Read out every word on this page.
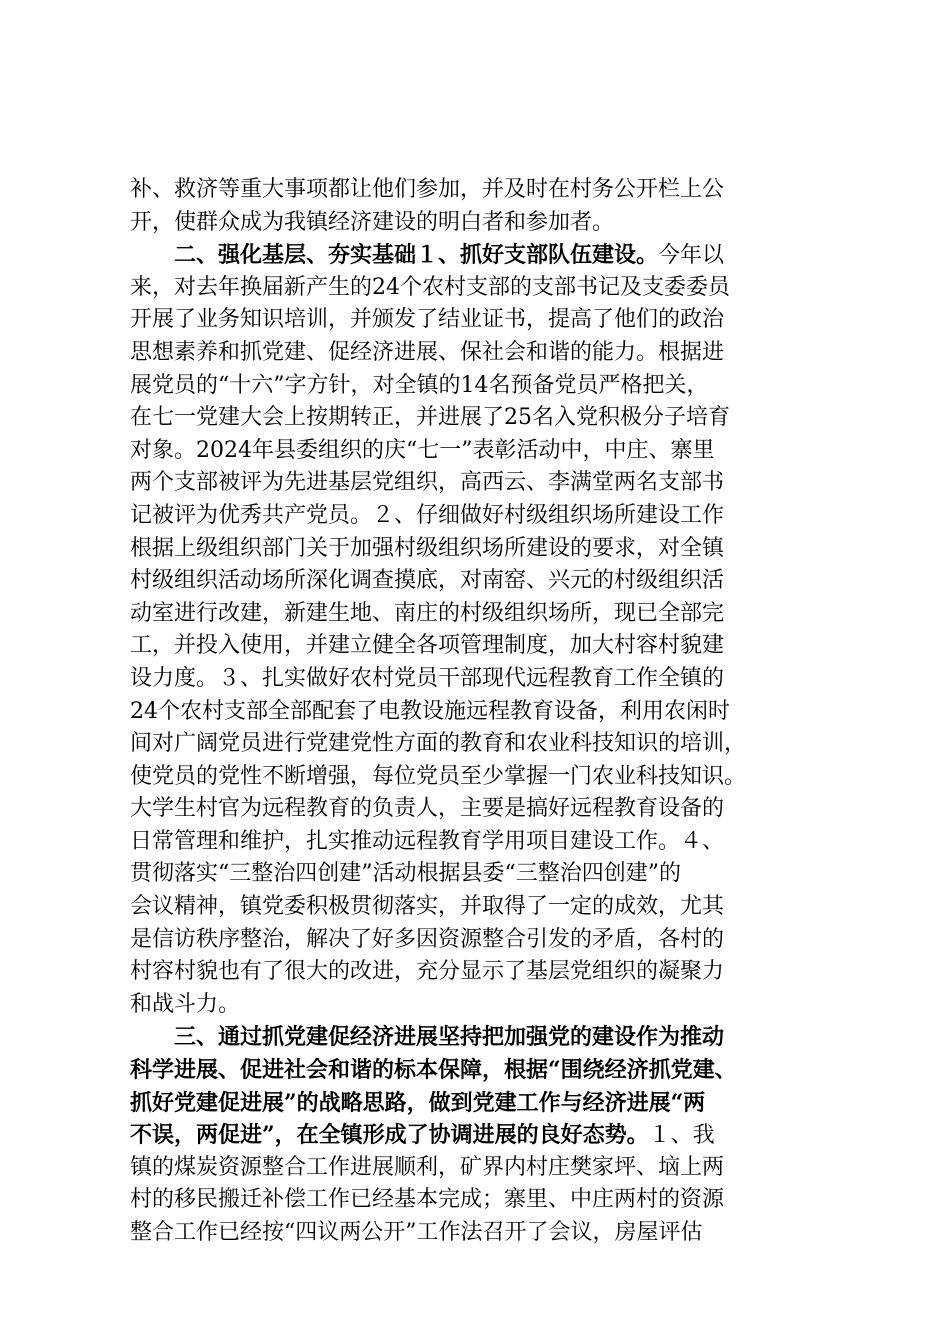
补、救济等重大事项都让他们参加，并及时在村务公开栏上公
开，使群众成为我镇经济建设的明白者和参加者。
二、强化基层、夯实基础１、抓好支部队伍建设。今年以
来，对去年换届新产生的24个农村支部的支部书记及支委委员
开展了业务知识培训，并颁发了结业证书，提高了他们的政治
思想素养和抓党建、促经济进展、保社会和谐的能力。根据进
展党员的“十六”字方针，对全镇的14名预备党员严格把关，
在七一党建大会上按期转正，并进展了25名入党积极分子培育
对象。2024年县委组织的庆“七一”表彰活动中，中庄、寨里
两个支部被评为先进基层党组织，高西云、李满堂两名支部书
记被评为优秀共产党员。２、仔细做好村级组织场所建设工作
根据上级组织部门关于加强村级组织场所建设的要求，对全镇
村级组织活动场所深化调查摸底，对南窑、兴元的村级组织活
动室进行改建，新建生地、南庄的村级组织场所，现已全部完
工，并投入使用，并建立健全各项管理制度，加大村容村貌建
设力度。３、扎实做好农村党员干部现代远程教育工作全镇的
24个农村支部全部配套了电教设施远程教育设备，利用农闲时
间对广阔党员进行党建党性方面的教育和农业科技知识的培训，
使党员的党性不断增强，每位党员至少掌握一门农业科技知识。
大学生村官为远程教育的负责人，主要是搞好远程教育设备的
日常管理和维护，扎实推动远程教育学用项目建设工作。４、
贯彻落实“三整治四创建”活动根据县委“三整治四创建”的
会议精神，镇党委积极贯彻落实，并取得了一定的成效，尤其
是信访秩序整治，解决了好多因资源整合引发的矛盾，各村的
村容村貌也有了很大的改进，充分显示了基层党组织的凝聚力
和战斗力。
三、通过抓党建促经济进展坚持把加强党的建设作为推动
科学进展、促进社会和谐的标本保障，根据“围绕经济抓党建、
抓好党建促进展”的战略思路，做到党建工作与经济进展“两
不误，两促进”，在全镇形成了协调进展的良好态势。１、我
镇的煤炭资源整合工作进展顺利，矿界内村庄樊家坪、垴上两
村的移民搬迁补偿工作已经基本完成；寨里、中庄两村的资源
整合工作已经按“四议两公开”工作法召开了会议，房屋评估
